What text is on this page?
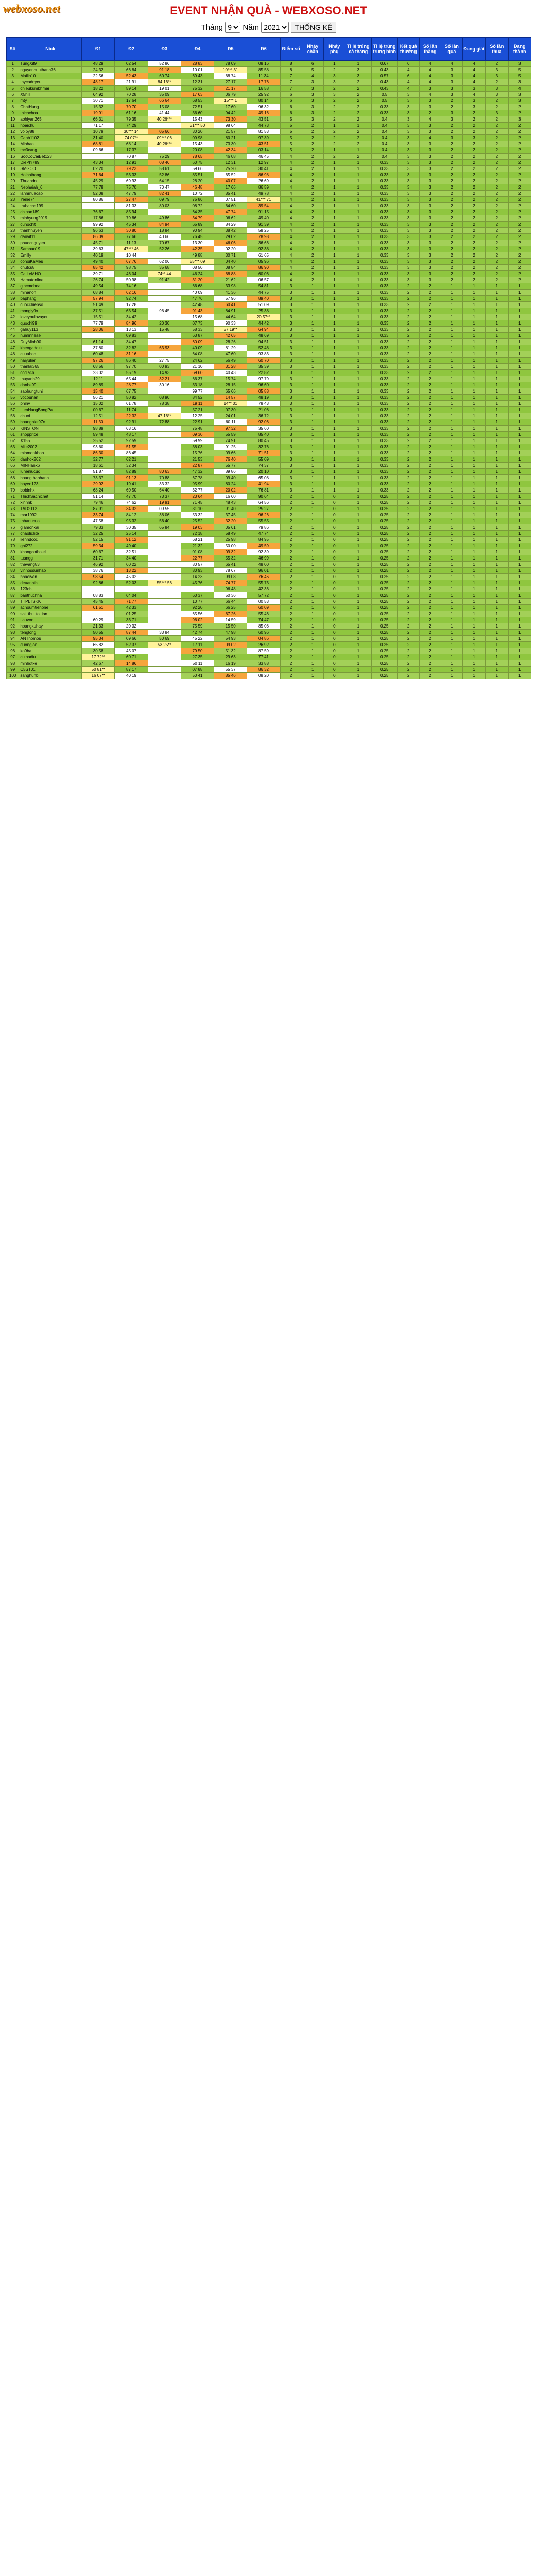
webxoso.net	EVENT NHẬN QUÀ - WEBXOSO.NET
Tháng
9	Năm
2021	THỐNG KÊ
Stt	Nick	Đ1	Đ2	Đ3	Đ4	Đ5	Đ6	Điểm số	Nháy chẵn	Nháy phụ	Tỉ lệ trúng cả tháng	Tỉ lệ trúng trung bình	Kết quả thưởng	Số lần thắng	Số lần quá	Đang giải	Số lần thua	Đang thành
1	TungXit9	48 29	02 54	52 86	28 83	78 09	08 16	8	6	1	1	0.67	6	4	4	4	2	3
2	nguyenhuuthanh76	24 32	66 84	91 18	10 01	10*** 31	85 58	8	5	2	3	0.43	4	4	3	4	3	5
3	Mailin10	22 56	52 43	60 74	69 43	68 74	11 34	7	4	3	3	0.57	6	4	3	4	3	5
4	taycadnyeu	48 17	21 91	84 16**	12 31	27 17	17 76	7	3	3	2	0.43	4	4	3	4	2	3
5	chieukumbhmai	18 22	59 14	19 01	75 32	21 17	16 58	7	3	2	2	0.43	4	3	3	3	3	4
6	X5hill	64 92	70 28	35 09	17 63	06 79	25 92	6	3	3	2	0.5	3	4	3	4	3	3
7	mty	30 71	17 64	66 64	68 53	15*** 1	80 14	6	3	2	2	0.5	3	3	2	3	2	3
8	ChatHung	15 32	70 70	15 08	72 51	17 60	96 32	6	3	2	2	0.33	3	3	2	3	2	2
9	thichchoa	19 91	61 16	41 44	36 60	94 42	49 16	6	3	2	2	0.33	3	2	3	2	3	2
10	abhiyan265	66 31	79 35	40 26***	15 43	73 30	43 51	5	3	2	2	0.4	3	4	3	2	2	3
11	hoaichu	71 17	74 29		31*** 50	98 64	44 73	5	2	1	1	0.4	3	3	2	2	2	2
12	voipy88	10 79	30*** 14	05 66	30 20	21 57	81 53	5	2	2	2	0.4	3	3	2	2	2	2
13	Canh1102	31 40	74 07**	09*** 06	09 98	80 21	97 39	5	2	2	2	0.4	3	4	3	3	2	2
14	Minhao	68 81	68 14	40 26***	15 43	73 30	43 51	5	2	2	2	0.4	3	3	2	2	2	2
15	mc3cang	09 66	17 37		20 08	42 34	03 14	5	2	1	1	0.4	3	3	2	2	2	2
16	SocCoCaiBet123		70 87	75 29	78 65	46 08	46 45	4	2	2	2	0.4	3	3	2	2	2	2
17	DiePhi789	43 34	12 91	08 46	60 75	12 31	12 97	4	2	1	1	0.33	3	3	2	2	2	2
18	SMGCO	02 20	79 23	58 61	59 66	25 20	30 41	4	2	1	1	0.33	3	3	2	2	2	2
19	Hoihaibang	71 64	53 33	52 86	85 51	65 52	86 98	4	2	1	1	0.33	3	3	2	2	2	2
20	Thuandn	45 29	69 93	64 15	28 20	40 07	26 69	4	2	1	1	0.33	3	3	2	2	2	2
21	Nephaiah_6	77 78	75 70	70 47	46 48	17 66	86 59	4	2	1	1	0.33	3	3	2	2	2	2
22	lanhmuacao	52 08	47 79	82 41	10 72	85 41	49 78	4	2	1	1	0.33	3	3	2	2	2	2
23	Yenie74	80 86	27 47	09 79	75 86	07 51	41*** 71	4	2	1	1	0.33	3	3	2	2	2	2
24	truhacha199		81 33	80 03	08 72	64 60	39 54	4	2	1	1	0.33	3	3	2	2	2	2
25	chinao189	76 67	85 94		64 35	47 74	91 15	4	2	1	1	0.33	3	3	2	2	2	2
26	minhyung2019	17 86	79 86	49 86	34 79	06 62	49 40	4	2	1	1	0.33	3	3	2	2	2	2
27	cunochit	99 92	45 34	84 94	65 89	84 29	91 39	4	2	1	1	0.33	3	3	2	2	2	2
28	thanhhuyen	96 63	30 80	18 84	90 94	38 42	58 25	4	2	1	1	0.33	3	3	2	2	2	2
29	danvit11	86 09	77 66	40 66	76 45	29 02	78 98	4	2	1	1	0.33	3	3	2	2	2	2
30	phuocnguyen	45 71	11 13	70 67	13 30	46 06	36 66	4	2	1	1	0.33	3	3	2	2	2	2
31	Samban19	39 63	47*** 46	52 26	42 35	02 20	92 38	4	2	1	1	0.33	3	3	2	2	2	2
32	Emilly	40 19	10 44		49 88	30 71	61 65	4	2	1	1	0.33	3	3	2	2	2	2
33	conoiKaMeu	49 40	67 76	62 06	55*** 09	04 40	05 96	4	2	1	1	0.33	3	3	2	2	2	2
34	chutcu8	85 42	98 75	35 68	08 50	08 84	86 90	4	2	1	1	0.33	3	3	2	2	2	2
35	CatLeMHO	39 71	46 04	74** 44	46 24	68 88	60 06	4	2	1	1	0.33	3	3	2	2	2	2
36	Hamatonline	26 74	50 98	91 42	31 20	21 62	06 57	4	2	1	1	0.33	3	3	2	2	2	2
37	giacmohoa	49 54	74 16		66 68	33 98	54 81	3	1	1	1	0.33	2	2	1	1	1	1
38	minanon	68 84	62 16		40 09	41 36	44 75	3	1	1	1	0.33	2	2	1	1	1	1
39	baphang	57 94	92 74		47 76	57 96	89 40	3	1	1	1	0.33	2	2	1	1	1	1
40	cuocchienso	51 49	17 28		42 48	60 41	51 09	3	1	1	1	0.33	2	2	1	1	1	1
41	mongly9x	37 51	63 54	96 45	91 43	84 91	25 38	3	1	1	1	0.33	2	2	1	1	1	1
42	loveyoulovayou	15 51	34 42		15 68	44 64	20 57**	3	1	1	1	0.33	2	2	1	1	1	1
43	quochi99	77 79	84 96	20 30	07 73	90 33	44 42	3	1	1	1	0.33	2	2	1	1	1	1
44	gahuy113	28 06	13 13	15 48	58 33	57 19**	64 94	3	1	1	1	0.33	2	2	1	1	1	1
45	numinneae		09 83		63 87	42 65	48 69	3	1	1	1	0.33	2	2	1	1	1	1
46	DuyMinh90	61 14	34 47		60 09	28 26	94 51	3	1	1	1	0.33	2	2	1	1	1	1
47	kheogadolu	37 80	32 82	63 93	40 09	81 29	52 48	3	1	1	1	0.33	2	2	1	1	1	1
48	cuuahon	60 48	31 16		64 08	47 60	93 83	3	1	1	1	0.33	2	2	1	1	1	1
49	haiyulier	97 26	86 40	27 75	24 62	56 49	60 70	3	1	1	1	0.33	2	2	1	1	1	1
50	thanlai365	68 56	97 70	00 93	21 10	31 28	35 39	3	1	1	1	0.33	2	2	1	1	1	1
51	ccdlach	23 02	55 19	14 93	69 60	40 43	22 82	3	1	1	1	0.33	2	2	1	1	1	1
52	thuyanh29	12 11	65 44	32 21	66 37	15 74	97 79	3	1	1	1	0.33	2	2	1	1	1	1
53	danbe99	89 89	28 77	30 16	33 18	28 15	96 60	3	1	1	1	0.33	2	2	1	1	1	1
54	saphungtuhi	15 40	67 75		99 77	65 66	05 88	3	1	1	1	0.33	2	2	1	1	1	1
55	vocounan	56 21	50 82	08 90	84 52	14 57	48 19	3	1	1	1	0.33	2	2	1	1	1	1
56	phinv	15 02	61 78	78 38	19 11	14** 01	78 43	3	1	1	1	0.33	2	2	1	1	1	1
57	LienHangBongPa	00 67	11 74		57 21	07 30	21 06	3	1	1	1	0.33	2	2	1	1	1	1
58	chuoi	12 51	22 32	47 16**	12 25	24 01	36 72	3	1	1	1	0.33	2	2	1	1	1	1
59	hoangbiet97x	11 30	92 91	72 88	22 91	60 11	92 06	3	1	1	1	0.33	2	2	1	1	1	1
60	KINSTON	98 89	63 16		75 48	97 32	35 60	3	1	1	1	0.33	2	2	1	1	1	1
61	shopprice	59 48	48 17		09 30	55 59	85 40	3	1	1	1	0.33	2	2	1	1	1	1
62	X155	25 52	92 59		59 99	74 91	80 45	3	1	1	1	0.33	2	2	1	1	1	1
63	Mile2002	93 60	51 55		38 03	91 25	32 76	3	1	1	1	0.33	2	2	1	1	1	1
64	minmonkhon	86 30	86 45		15 76	09 66	71 51	3	1	1	1	0.33	2	2	1	1	1	1
65	danhok262	32 77	62 21		21 53	76 40	55 09	3	1	1	1	0.33	2	2	1	1	1	1
66	MINHank6	18 61	32 34		22 87	55 77	74 37	3	1	1	1	0.33	2	2	1	1	1	1
67	luneniucuc	51 87	82 89	80 63	47 32	89 86	20 10	3	1	1	1	0.33	2	2	1	1	1	1
68	hoangthanhanh	73 37	91 13	70 88	67 78	09 40	65 08	3	1	1	1	0.33	2	2	1	1	1	1
69	hoyen123	29 92	19 41	33 32	95 99	80 24	41 94	3	1	1	1	0.33	2	2	1	1	1	1
70	bobinhx	68 24	60 50	64 40	32 77	20 02	76 81	3	1	1	1	0.33	2	2	1	1	1	1
71	ThichSachichet	51 14	47 70	73 37	23 64	16 60	90 64	2	1	0	1	0.25	2	2	1	1	1	1
72	xinhnk	79 46	74 62	19 91	71 45	48 43	64 56	2	1	0	1	0.25	2	2	1	1	1	1
73	TAD2112	87 91	34 32	09 55	31 10	91 40	25 27	2	1	0	1	0.25	2	2	1	1	1	1
74	mar1992	33 74	84 12	38 06	53 32	37 45	96 26	2	1	0	1	0.25	2	2	1	1	1	1
75	thhanucuoi	47 58	95 32	56 40	25 52	32 20	55 55	2	1	0	1	0.25	2	2	1	1	1	1
76	giamonkai	79 33	30 35	65 84	19 03	05 61	79 86	2	1	0	1	0.25	2	2	1	1	1	1
77	chaolichte	32 25	25 14		72 18	58 49	47 74	2	1	0	1	0.25	2	2	1	1	1	1
78	lienhdcoc	52 15	91 12		68 21	25 98	84 95	2	1	0	1	0.25	2	2	1	1	1	1
79	ghi272	59 34	49 40		21 32	50 00	49 59	2	1	0	1	0.25	2	2	1	1	1	1
80	khongcothoiel	60 67	32 51		01 08	09 32	92 39	2	1	0	1	0.25	2	2	1	1	1	1
81	tuangg	31 71	34 40		22 77	55 32	46 99	2	1	0	1	0.25	2	2	1	1	1	1
82	thevang83	46 92	60 22		80 57	65 41	48 00	2	1	0	1	0.25	2	2	1	1	1	1
83	vinhosdunhao	38 76	13 22		80 93	78 67	96 01	2	1	0	1	0.25	2	2	1	1	1	1
84	hhaoiven	98 54	45 02		14 23	99 08	76 46	2	1	0	1	0.25	2	2	1	1	1	1
85	deuanhth	92 86	52 03	55*** 56	45 76	74 77	55 73	2	1	0	1	0.25	2	2	1	1	1	1
86	123ohi					96 48	42 36	2	1	0	1	0.25	2	2	1	1	1	1
87	banthuchha	08 83	64 04		60 37	50 36	57 72	2	1	0	1	0.25	2	2	1	1	1	1
88	TTPLTSKK	45 45	71 77		10 77	66 44	00 53	2	1	0	1	0.25	2	2	1	1	1	1
89	achoumtienone	61 51	42 33		92 20	66 25	60 09	2	1	0	1	0.25	2	2	1	1	1	1
90	sat_thu_to_ian		01 25		65 56	67 26	55 46	2	1	0	1	0.25	2	2	1	1	1	1
91	tiauvon	60 29	33 71		96 02	14 59	74 47	2	1	0	1	0.25	2	2	1	1	1	1
92	hoangxuhay	21 33	20 32		75 59	15 50	85 08	2	1	0	1	0.25	2	2	1	1	1	1
93	tenglong	50 55	87 44	33 84	42 74	47 98	60 96	2	1	0	1	0.25	2	2	1	1	1	1
94	ANTnomou	95 34	09 66	50 69	45 22	54 93	04 86	2	1	0	1	0.25	2	2	1	1	1	1
95	duongjon	65 82	52 37	53 25**	17 11	09 02	26 92	2	1	0	1	0.25	2	2	1	1	1	1
96	ko9ba	30 58	45 07		79 50	51 32	87 59	2	1	0	1	0.25	2	2	1	1	1	1
97	cuibadiu	17 72**	60 71		27 35	29 63	77 41	2	1	0	1	0.25	2	2	1	1	1	1
98	minhdtke	42 67	14 86		50 11	16 19	33 88	2	1	0	1	0.25	2	2	1	1	1	1
99	C5ST01	50 81**	87 17		07 88	55 37	86 32	2	1	0	1	0.25	2	2	1	1	1	1
100	sanghunbi	16 07**	40 19		50 41	85 46	08 20	2	1	0	1	0.25	2	2	1	1	1	1
